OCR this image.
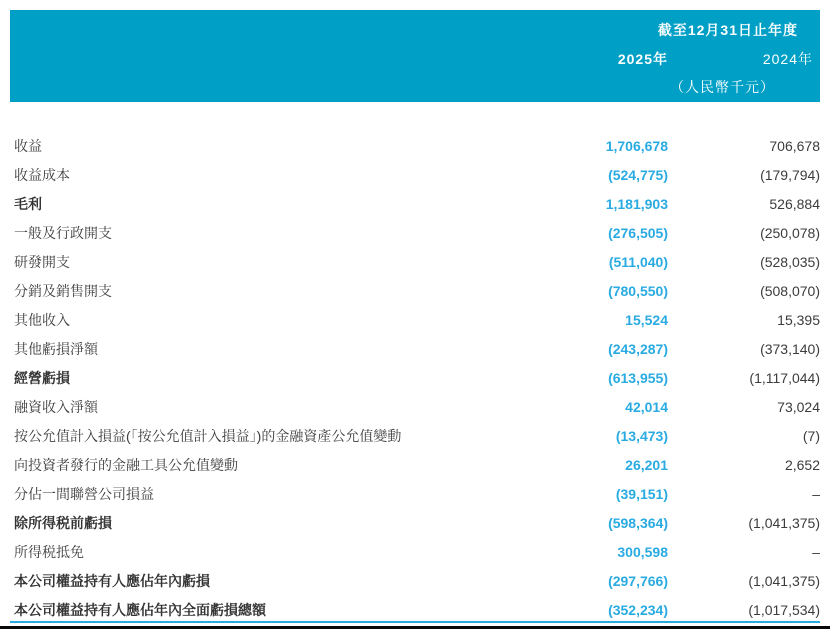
截至12月31日止年度
2025年	2024年
（人民幣千元）
收益	1,706,678	706,678
收益成本	(524,775)	(179,794)
毛利	1,181,903	526,884
一般及行政開支	(276,505)	(250,078)
研發開支	(511,040)	(528,035)
分銷及銷售開支	(780,550)	(508,070)
其他收入	15,524	15,395
其他虧損淨額	(243,287)	(373,140)
經營虧損	(613,955)	(1,117,044)
融資收入淨額	42,014	73,024
按公允值計入損益(「按公允值計入損益」)的金融資產公允值變動	(13,473)	(7)
向投資者發行的金融工具公允值變動	26,201	2,652
分佔一間聯營公司損益	(39,151)	–
除所得税前虧損	(598,364)	(1,041,375)
所得税抵免	300,598	–
本公司權益持有人應佔年內虧損	(297,766)	(1,041,375)
本公司權益持有人應佔年內全面虧損總額	(352,234)	(1,017,534)
